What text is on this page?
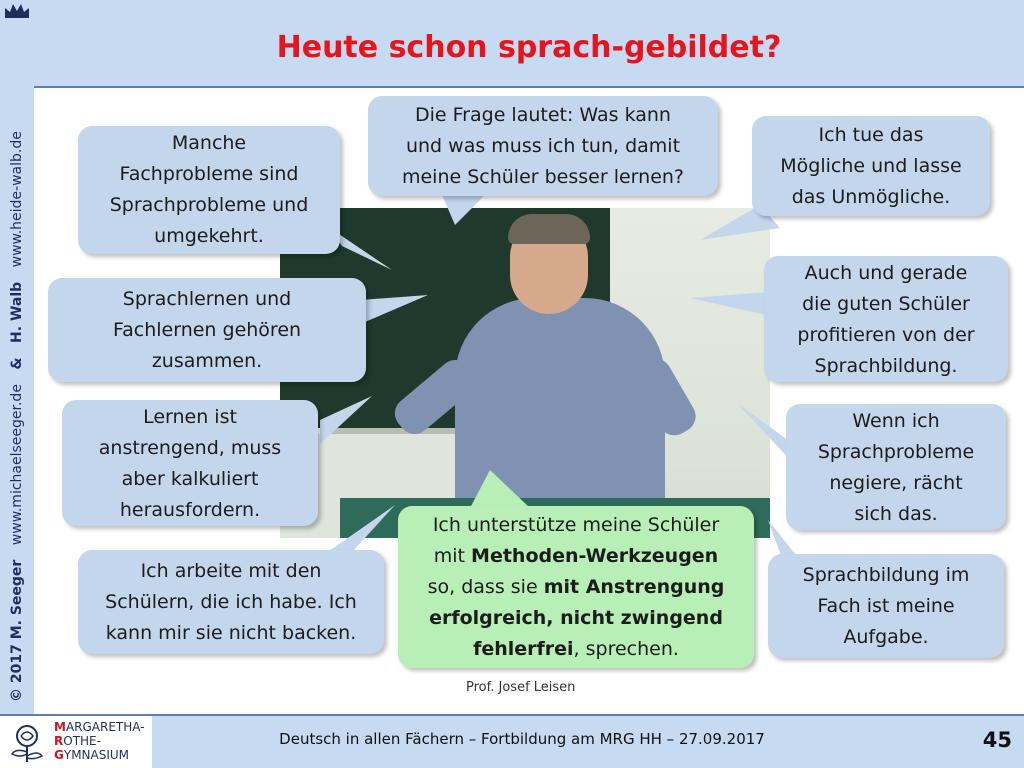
© 2017 M. Seeger www.michaelseeger.de & H. Walb www.heide-walb.de
Heute schon sprach-gebildet?
Manche
Fachprobleme sind
Sprachprobleme und
umgekehrt.
Die Frage lautet: Was kann
und was muss ich tun, damit
meine Schüler besser lernen?
Ich tue das
Mögliche und lasse
das Unmögliche.
Sprachlernen und
Fachlernen gehören
zusammen.
Auch und gerade
die guten Schüler
profitieren von der
Sprachbildung.
Lernen ist
anstrengend, muss
aber kalkuliert
herausfordern.
Wenn ich
Sprachprobleme
negiere, rächt
sich das.
Ich arbeite mit den
Schülern, die ich habe. Ich
kann mir sie nicht backen.
Ich unterstütze meine Schüler
mit Methoden-Werkzeugen
so, dass sie mit Anstrengung
erfolgreich, nicht zwingend
fehlerfrei, sprechen.
Sprachbildung im
Fach ist meine
Aufgabe.
Prof. Josef Leisen
MARGARETHA-
ROTHE-
GYMNASIUM
Deutsch in allen Fächern – Fortbildung am MRG HH – 27.09.2017	45
